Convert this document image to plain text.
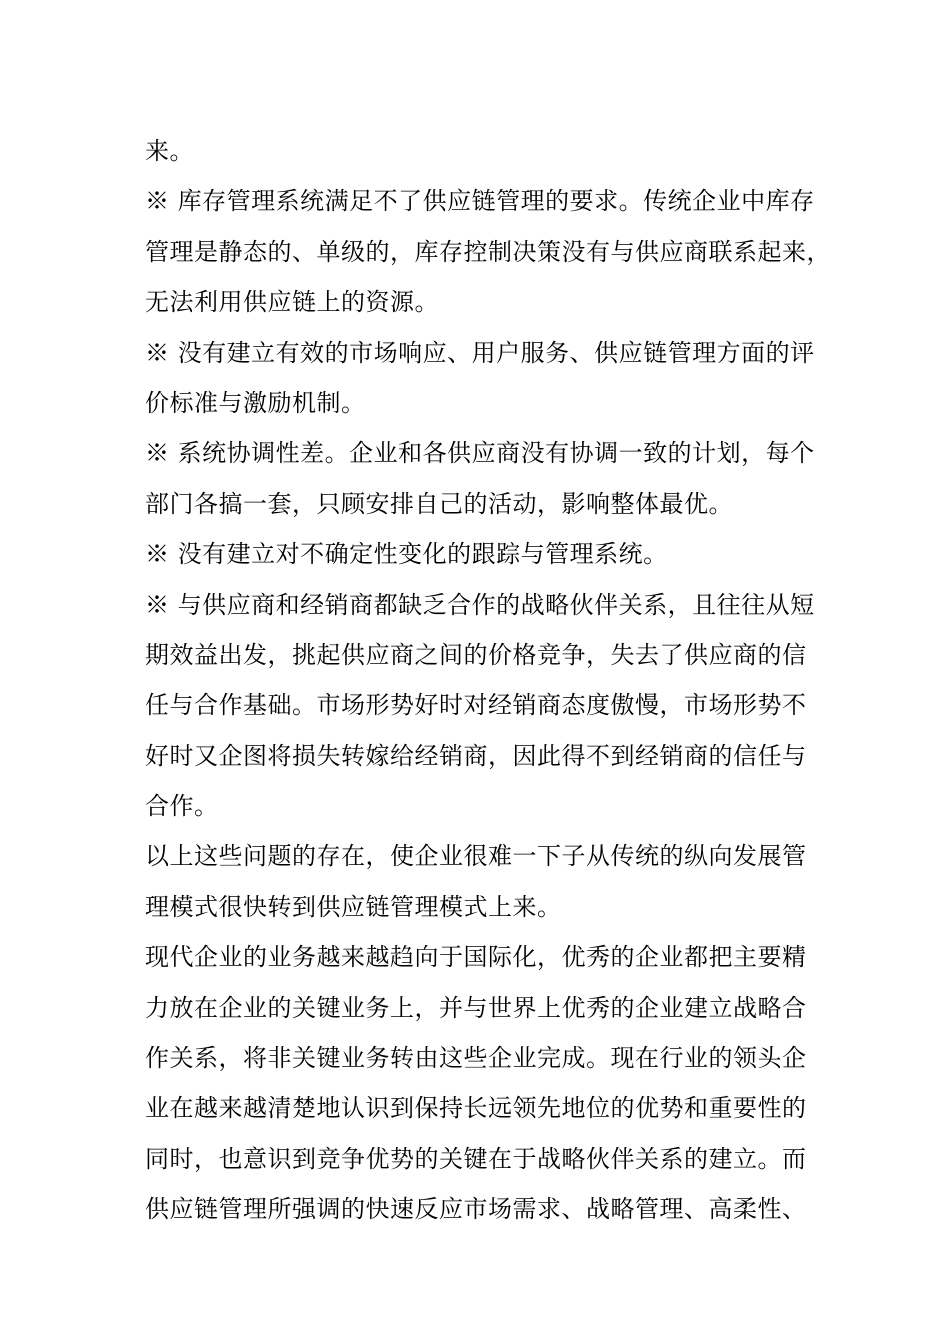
来。
※ 库存管理系统满足不了供应链管理的要求。传统企业中库存
管理是静态的、单级的，库存控制决策没有与供应商联系起来，
无法利用供应链上的资源。
※ 没有建立有效的市场响应、用户服务、供应链管理方面的评
价标准与激励机制。
※ 系统协调性差。企业和各供应商没有协调一致的计划，每个
部门各搞一套，只顾安排自己的活动，影响整体最优。
※ 没有建立对不确定性变化的跟踪与管理系统。
※ 与供应商和经销商都缺乏合作的战略伙伴关系，且往往从短
期效益出发，挑起供应商之间的价格竞争，失去了供应商的信
任与合作基础。市场形势好时对经销商态度傲慢，市场形势不
好时又企图将损失转嫁给经销商，因此得不到经销商的信任与
合作。
以上这些问题的存在，使企业很难一下子从传统的纵向发展管
理模式很快转到供应链管理模式上来。
现代企业的业务越来越趋向于国际化，优秀的企业都把主要精
力放在企业的关键业务上，并与世界上优秀的企业建立战略合
作关系，将非关键业务转由这些企业完成。现在行业的领头企
业在越来越清楚地认识到保持长远领先地位的优势和重要性的
同时，也意识到竞争优势的关键在于战略伙伴关系的建立。而
供应链管理所强调的快速反应市场需求、战略管理、高柔性、
